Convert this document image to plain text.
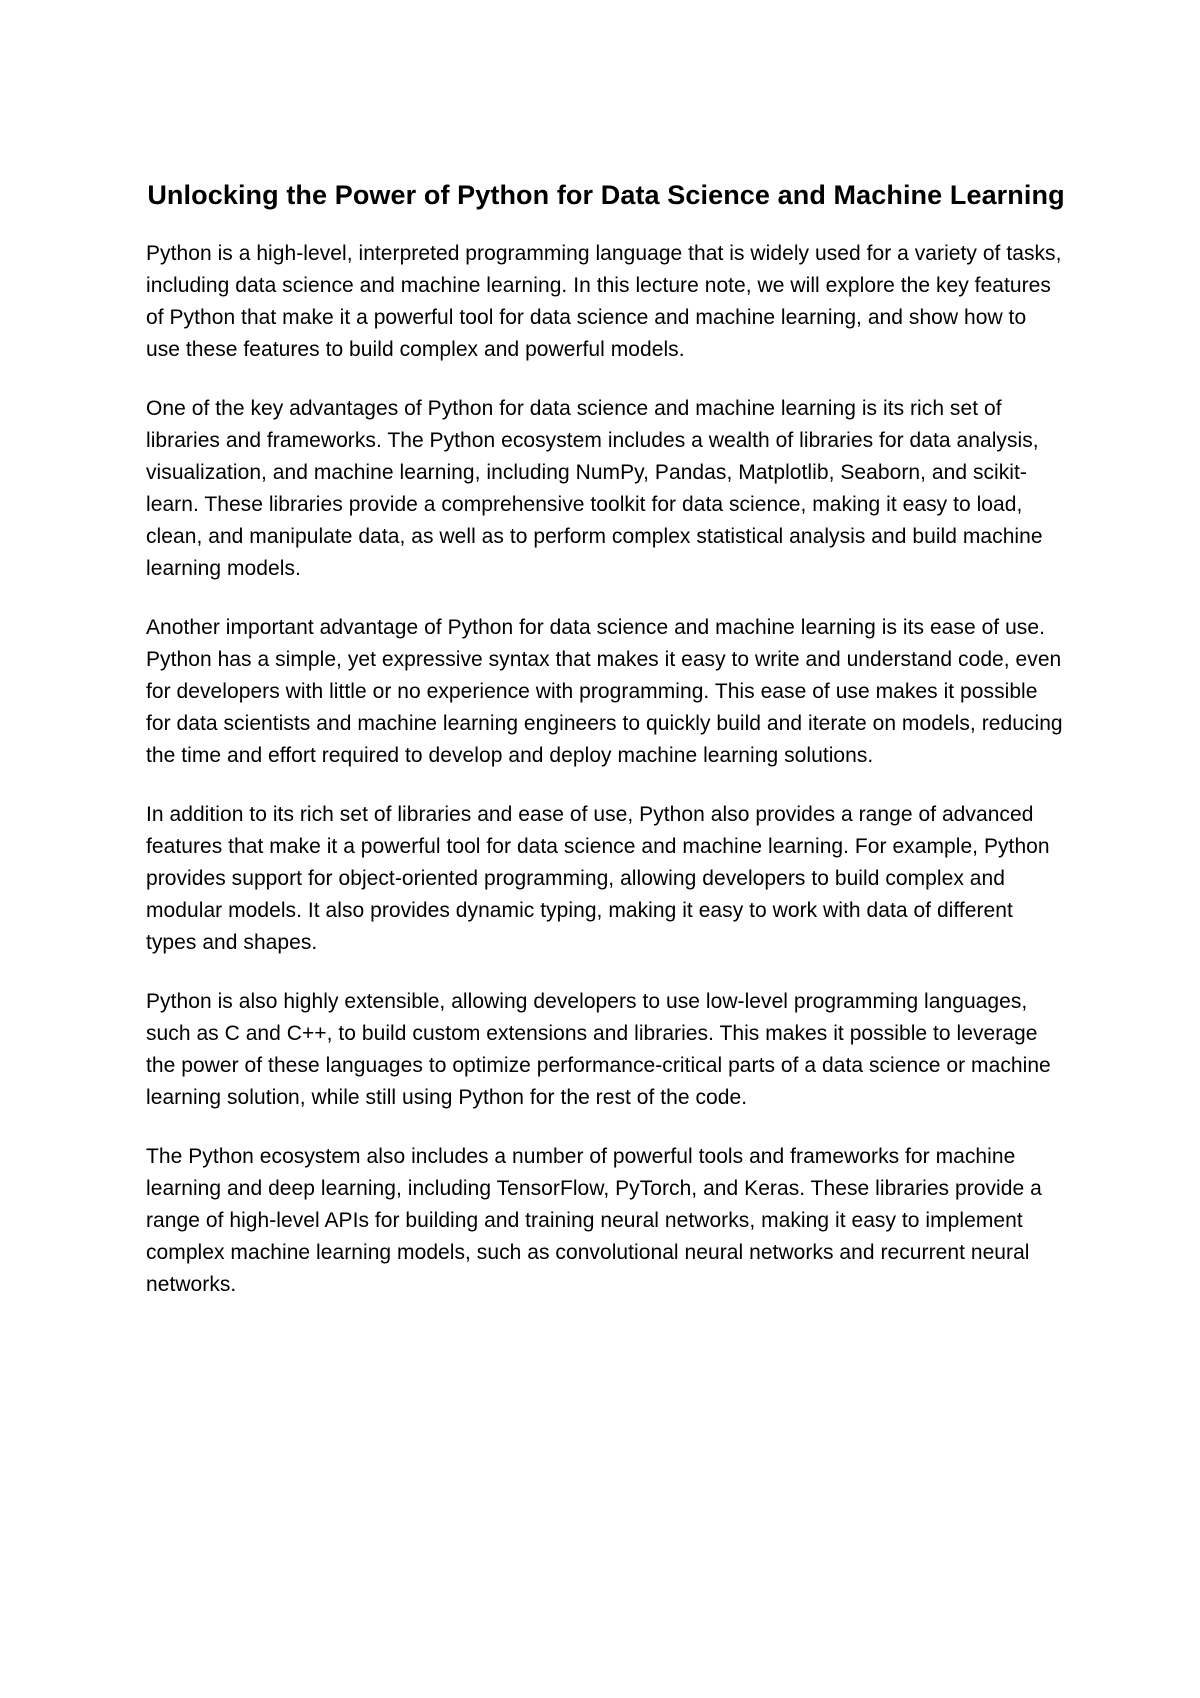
Unlocking the Power of Python for Data Science and Machine Learning

Python is a high-level, interpreted programming language that is widely used for a variety of tasks, including data science and machine learning. In this lecture note, we will explore the key features of Python that make it a powerful tool for data science and machine learning, and show how to use these features to build complex and powerful models.

One of the key advantages of Python for data science and machine learning is its rich set of libraries and frameworks. The Python ecosystem includes a wealth of libraries for data analysis, visualization, and machine learning, including NumPy, Pandas, Matplotlib, Seaborn, and scikit-learn. These libraries provide a comprehensive toolkit for data science, making it easy to load, clean, and manipulate data, as well as to perform complex statistical analysis and build machine learning models.

Another important advantage of Python for data science and machine learning is its ease of use. Python has a simple, yet expressive syntax that makes it easy to write and understand code, even for developers with little or no experience with programming. This ease of use makes it possible for data scientists and machine learning engineers to quickly build and iterate on models, reducing the time and effort required to develop and deploy machine learning solutions.

In addition to its rich set of libraries and ease of use, Python also provides a range of advanced features that make it a powerful tool for data science and machine learning. For example, Python provides support for object-oriented programming, allowing developers to build complex and modular models. It also provides dynamic typing, making it easy to work with data of different types and shapes.

Python is also highly extensible, allowing developers to use low-level programming languages, such as C and C++, to build custom extensions and libraries. This makes it possible to leverage the power of these languages to optimize performance-critical parts of a data science or machine learning solution, while still using Python for the rest of the code.

The Python ecosystem also includes a number of powerful tools and frameworks for machine learning and deep learning, including TensorFlow, PyTorch, and Keras. These libraries provide a range of high-level APIs for building and training neural networks, making it easy to implement complex machine learning models, such as convolutional neural networks and recurrent neural networks.
